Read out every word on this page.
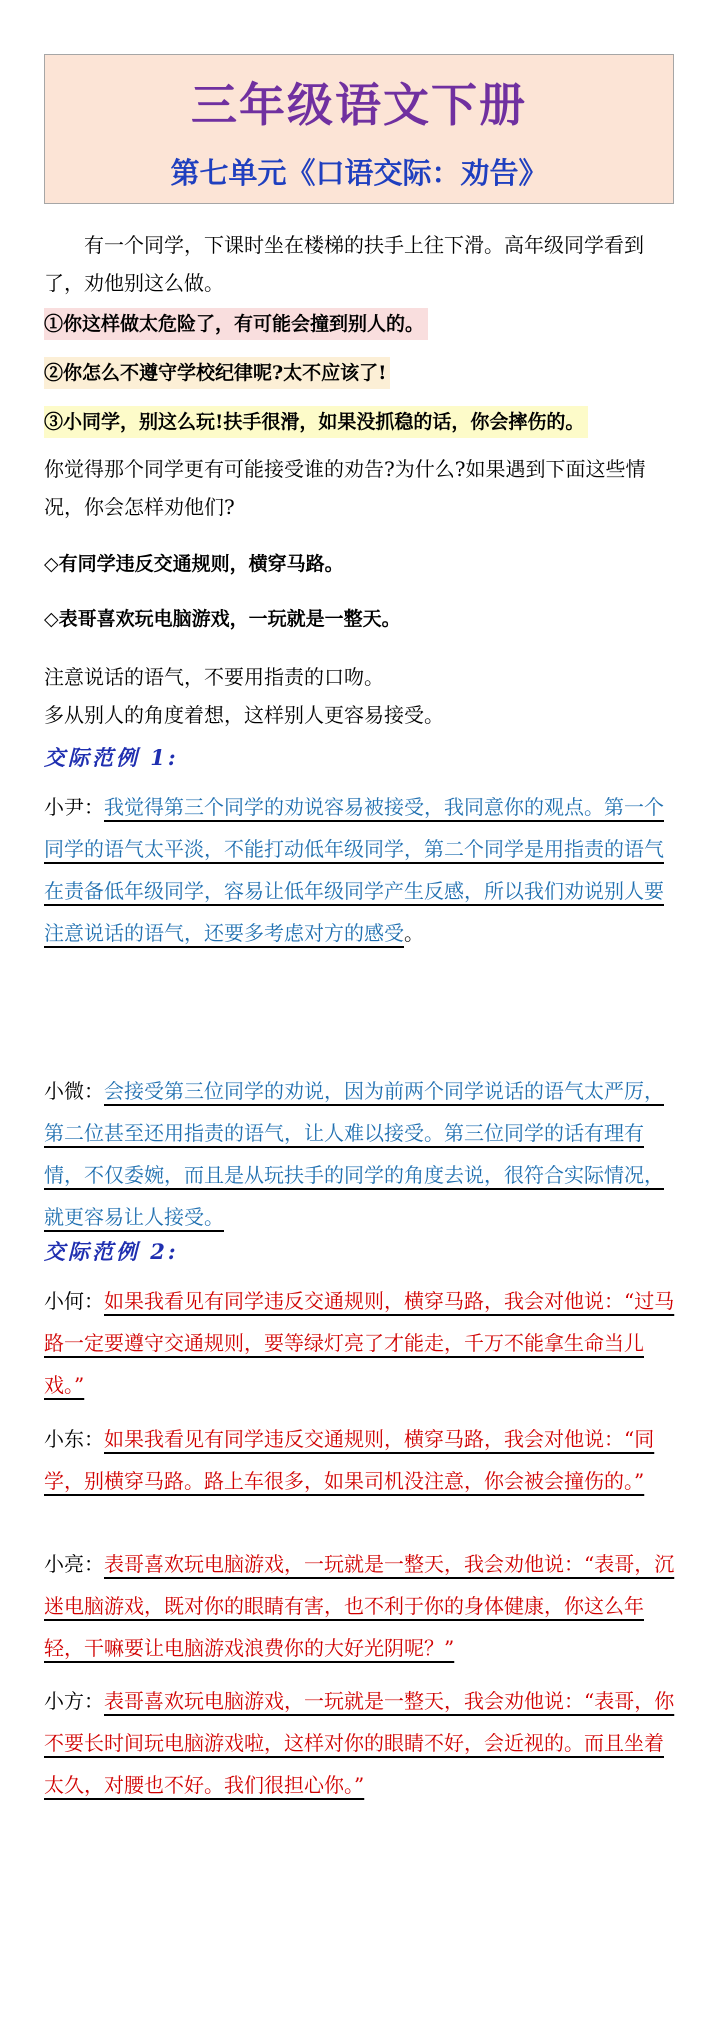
三年级语文下册
第七单元《口语交际：劝告》
有一个同学，下课时坐在楼梯的扶手上往下滑。高年级同学看到了，劝他别这么做。
①你这样做太危险了，有可能会撞到别人的。
②你怎么不遵守学校纪律呢?太不应该了!
③小同学，别这么玩!扶手很滑，如果没抓稳的话，你会摔伤的。
你觉得那个同学更有可能接受谁的劝告?为什么?如果遇到下面这些情况，你会怎样劝他们?
◇有同学违反交通规则，横穿马路。
◇表哥喜欢玩电脑游戏，一玩就是一整天。
注意说话的语气，不要用指责的口吻。
多从别人的角度着想，这样别人更容易接受。
交际范例 1:
小尹：我觉得第三个同学的劝说容易被接受，我同意你的观点。第一个同学的语气太平淡，不能打动低年级同学，第二个同学是用指责的语气在责备低年级同学，容易让低年级同学产生反感，所以我们劝说别人要注意说话的语气，还要多考虑对方的感受。
小微：会接受第三位同学的劝说，因为前两个同学说话的语气太严厉，第二位甚至还用指责的语气，让人难以接受。第三位同学的话有理有情，不仅委婉，而且是从玩扶手的同学的角度去说，很符合实际情况，就更容易让人接受。
交际范例 2:
小何：如果我看见有同学违反交通规则，横穿马路，我会对他说：“过马路一定要遵守交通规则，要等绿灯亮了才能走，千万不能拿生命当儿戏。”
小东：如果我看见有同学违反交通规则，横穿马路，我会对他说：“同学，别横穿马路。路上车很多，如果司机没注意，你会被会撞伤的。”
小亮：表哥喜欢玩电脑游戏，一玩就是一整天，我会劝他说：“表哥，沉迷电脑游戏，既对你的眼睛有害，也不利于你的身体健康，你这么年轻，干嘛要让电脑游戏浪费你的大好光阴呢？”
小方：表哥喜欢玩电脑游戏，一玩就是一整天，我会劝他说：“表哥，你不要长时间玩电脑游戏啦，这样对你的眼睛不好，会近视的。而且坐着太久，对腰也不好。我们很担心你。”
